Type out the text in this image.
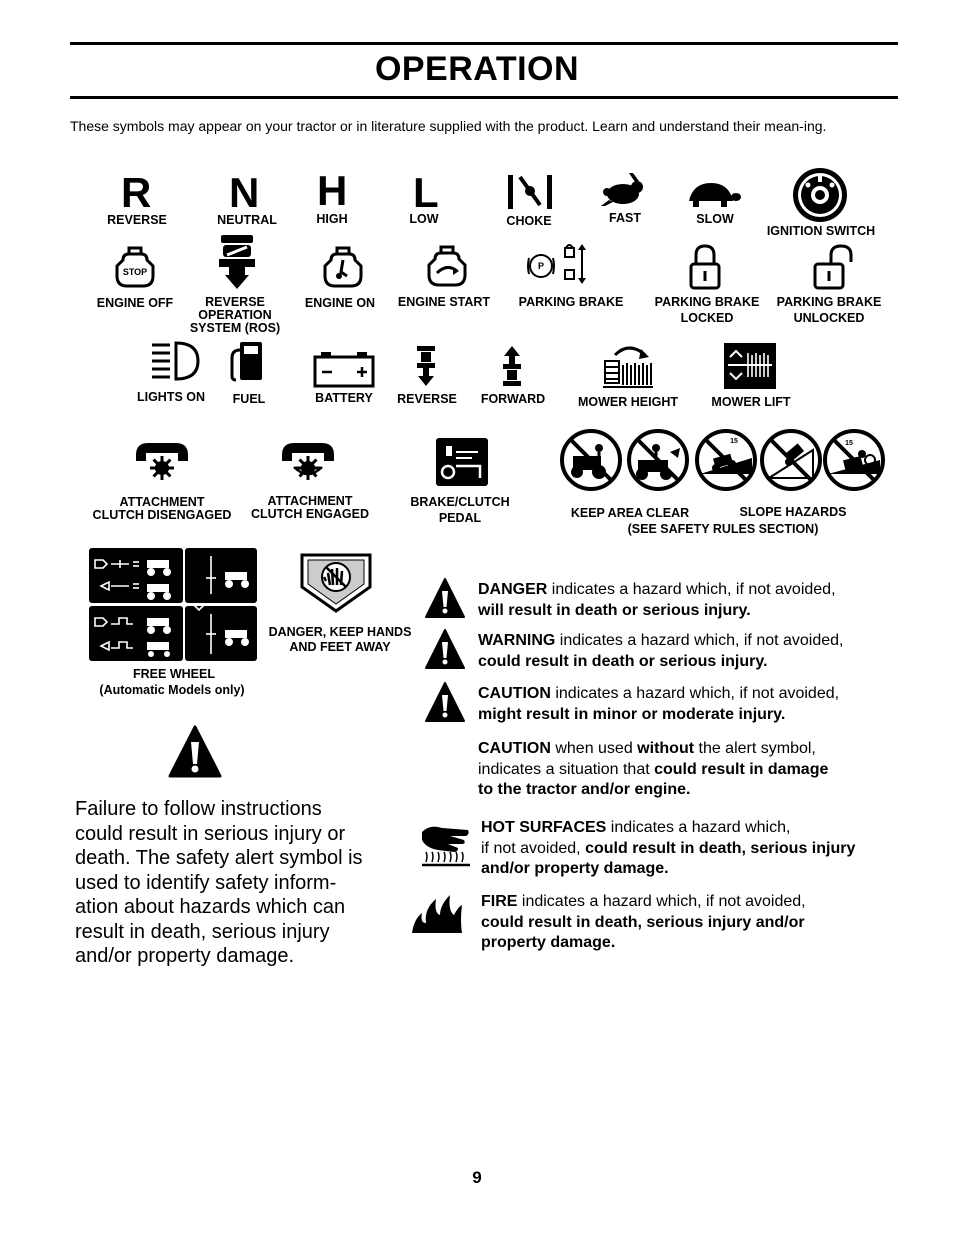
OPERATION
These symbols may appear on your tractor or in literature supplied with the product. Learn and understand their mean-ing.
R
REVERSE
N
NEUTRAL
H
HIGH
L
LOW	CHOKE	FAST	SLOW
IGNITION SWITCH
STOP
ENGINE OFF	REVERSE
OPERATION
SYSTEM (ROS)
ENGINE ON	ENGINE START
P
PARKING BRAKE	PARKING BRAKE
LOCKED
PARKING BRAKE
UNLOCKED
LIGHTS ON	FUEL	BATTERY	REVERSE	FORWARD	MOWER HEIGHT	MOWER LIFT
ATTACHMENT
CLUTCH DISENGAGED
ATTACHMENT
CLUTCH ENGAGED
BRAKE/CLUTCH
PEDAL
15	15
KEEP AREA CLEAR	SLOPE HAZARDS
(SEE SAFETY RULES SECTION)
FREE WHEEL
(Automatic Models only)
DANGER, KEEP HANDS
AND FEET AWAY
DANGER indicates a hazard which, if not avoided,
will result in death or serious injury.
WARNING indicates a hazard which, if not avoided,
could result in death or serious injury.
CAUTION indicates a hazard which, if not avoided,
might result in minor or moderate injury.
CAUTION when used without the alert symbol,
indicates a situation that could result in damage
to the tractor and/or engine.
HOT SURFACES indicates a hazard which,
if not avoided, could result in death, serious injury
and/or property damage.
FIRE indicates a hazard which, if not avoided,
could result in death, serious injury and/or
property damage.
Failure to follow instructions could result in serious injury or death. The safety alert symbol is used to identify safety inform-ation about hazards which can result in death, serious injury and/or property damage.
9
